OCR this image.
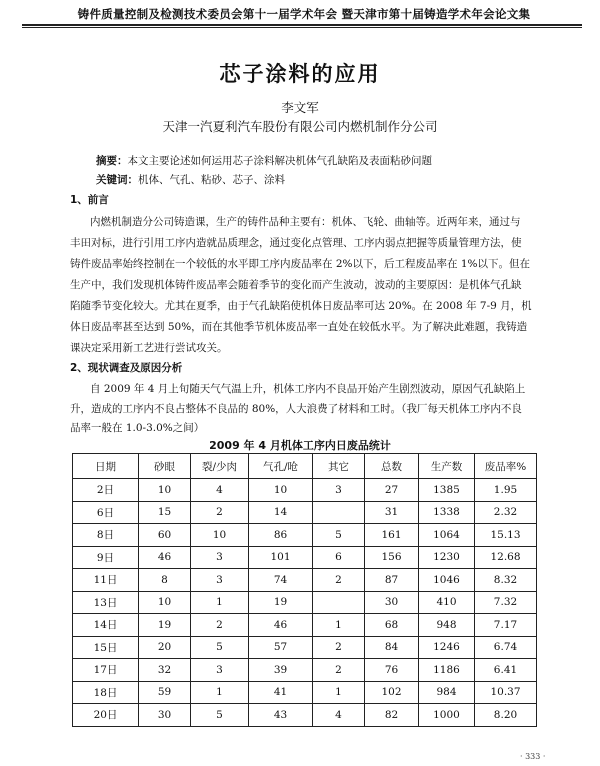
铸件质量控制及检测技术委员会第十一届学术年会 暨天津市第十届铸造学术年会论文集
芯子涂料的应用
李文军
天津一汽夏利汽车股份有限公司内燃机制作分公司
摘要：本文主要论述如何运用芯子涂料解决机体气孔缺陷及表面粘砂问题
关键词：机体、气孔、粘砂、芯子、涂料
1、前言
内燃机制造分公司铸造课，生产的铸件品种主要有：机体、飞轮、曲轴等。近两年来，通过与
丰田对标，进行引用工序内造就品质理念，通过变化点管理、工序内弱点把握等质量管理方法，使
铸件废品率始终控制在一个较低的水平即工序内废品率在 2%以下，后工程废品率在 1%以下。但在
生产中，我们发现机体铸件废品率会随着季节的变化而产生波动，波动的主要原因：是机体气孔缺
陷随季节变化较大。尤其在夏季，由于气孔缺陷使机体日废品率可达 20%。在 2008 年 7-9 月，机
体日废品率甚至达到 50%，而在其他季节机体废品率一直处在较低水平。为了解决此难题，我铸造
课决定采用新工艺进行尝试攻关。
2、现状调查及原因分析
自 2009 年 4 月上旬随天气气温上升，机体工序内不良品开始产生剧烈波动，原因气孔缺陷上
升，造成的工序内不良占整体不良品的 80%，人大浪费了材料和工时。（我厂每天机体工序内不良
品率一般在 1.0-3.0%之间）
2009 年 4 月机体工序内日废品统计
日期	砂眼	裂/少肉	气孔/呛	其它	总数	生产数	废品率%
2日	10	4	10	3	27	1385	1.95
6日	15	2	14		31	1338	2.32
8日	60	10	86	5	161	1064	15.13
9日	46	3	101	6	156	1230	12.68
11日	8	3	74	2	87	1046	8.32
13日	10	1	19		30	410	7.32
14日	19	2	46	1	68	948	7.17
15日	20	5	57	2	84	1246	6.74
17日	32	3	39	2	76	1186	6.41
18日	59	1	41	1	102	984	10.37
20日	30	5	43	4	82	1000	8.20
· 333 ·
